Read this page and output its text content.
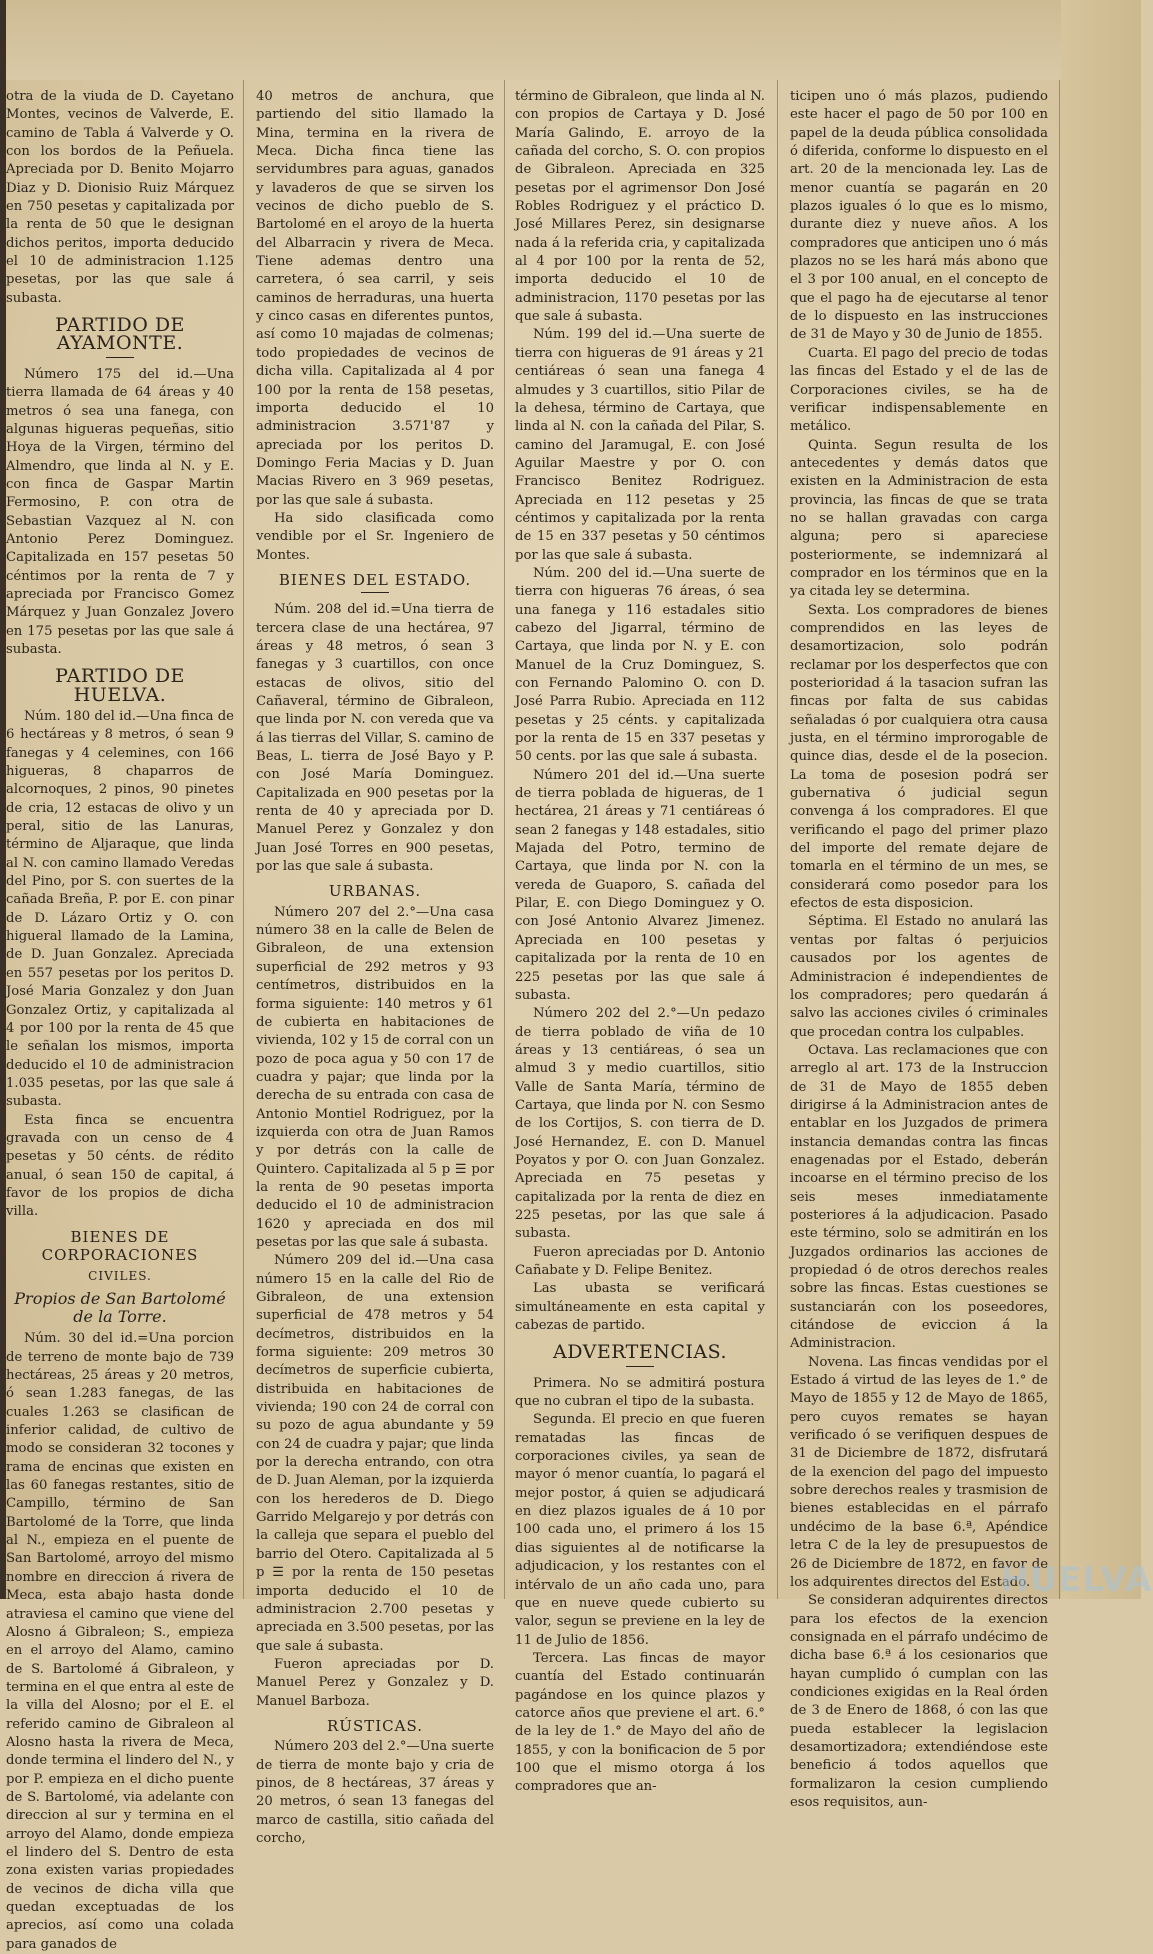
otra de la viuda de D. Cayetano Montes, vecinos de Valverde, E. camino de Tabla á Valverde y O. con los bordos de la Peñuela. Apreciada por D. Benito Mojarro Diaz y D. Dionisio Ruiz Márquez en 750 pesetas y capitalizada por la renta de 50 que le designan dichos peritos, importa deducido el 10 de administracion 1.125 pesetas, por las que sale á subasta.

PARTIDO DE AYAMONTE.

Número 175 del id.—Una tierra llamada de 64 áreas y 40 metros ó sea una fanega, con algunas higueras pequeñas, sitio Hoya de la Virgen, término del Almendro, que linda al N. y E. con finca de Gaspar Martin Fermosino, P. con otra de Sebastian Vazquez al N. con Antonio Perez Dominguez. Capitalizada en 157 pesetas 50 céntimos por la renta de 7 y apreciada por Francisco Gomez Márquez y Juan Gonzalez Jovero en 175 pesetas por las que sale á subasta.

PARTIDO DE HUELVA.

Núm. 180 del id.—Una finca de 6 hectáreas y 8 metros, ó sean 9 fanegas y 4 celemines, con 166 higueras, 8 chaparros de alcornoques, 2 pinos, 90 pinetes de cria, 12 estacas de olivo y un peral, sitio de las Lanuras, término de Aljaraque, que linda al N. con camino llamado Veredas del Pino, por S. con suertes de la cañada Breña, P. por E. con pinar de D. Lázaro Ortiz y O. con higueral llamado de la Lamina, de D. Juan Gonzalez. Apreciada en 557 pesetas por los peritos D. José Maria Gonzalez y don Juan Gonzalez Ortiz, y capitalizada al 4 por 100 por la renta de 45 que le señalan los mismos, importa deducido el 10 de administracion 1.035 pesetas, por las que sale á subasta.

Esta finca se encuentra gravada con un censo de 4 pesetas y 50 cénts. de rédito anual, ó sean 150 de capital, á favor de los propios de dicha villa.

BIENES DE CORPORACIONES
CIVILES.
Propios de San Bartolomé de la Torre.

Núm. 30 del id.=Una porcion de terreno de monte bajo de 739 hectáreas, 25 áreas y 20 metros, ó sean 1.283 fanegas, de las cuales 1.263 se clasifican de inferior calidad, de cultivo de modo se consideran 32 tocones y rama de encinas que existen en las 60 fanegas restantes, sitio de Campillo, término de San Bartolomé de la Torre, que linda al N., empieza en el puente de San Bartolomé, arroyo del mismo nombre en direccion á rivera de Meca, esta abajo hasta donde atraviesa el camino que viene del Alosno á Gibraleon; S., empieza en el arroyo del Alamo, camino de S. Bartolomé á Gibraleon, y termina en el que entra al este de la villa del Alosno; por el E. el referido camino de Gibraleon al Alosno hasta la rivera de Meca, donde termina el lindero del N., y por P. empieza en el dicho puente de S. Bartolomé, via adelante con direccion al sur y termina en el arroyo del Alamo, donde empieza el lindero del S. Dentro de esta zona existen varias propiedades de vecinos de dicha villa que quedan exceptuadas de los aprecios, así como una colada para ganados de

40 metros de anchura, que partiendo del sitio llamado la Mina, termina en la rivera de Meca. Dicha finca tiene las servidumbres para aguas, ganados y lavaderos de que se sirven los vecinos de dicho pueblo de S. Bartolomé en el aroyo de la huerta del Albarracin y rivera de Meca. Tiene ademas dentro una carretera, ó sea carril, y seis caminos de herraduras, una huerta y cinco casas en diferentes puntos, así como 10 majadas de colmenas; todo propiedades de vecinos de dicha villa. Capitalizada al 4 por 100 por la renta de 158 pesetas, importa deducido el 10 administracion 3.571'87 y apreciada por los peritos D. Domingo Feria Macias y D. Juan Macias Rivero en 3 969 pesetas, por las que sale á subasta.

Ha sido clasificada como vendible por el Sr. Ingeniero de Montes.

BIENES DEL ESTADO.

Núm. 208 del id.=Una tierra de tercera clase de una hectárea, 97 áreas y 48 metros, ó sean 3 fanegas y 3 cuartillos, con once estacas de olivos, sitio del Cañaveral, término de Gibraleon, que linda por N. con vereda que va á las tierras del Villar, S. camino de Beas, L. tierra de José Bayo y P. con José María Dominguez. Capitalizada en 900 pesetas por la renta de 40 y apreciada por D. Manuel Perez y Gonzalez y don Juan José Torres en 900 pesetas, por las que sale á subasta.

URBANAS.

Número 207 del 2.°—Una casa número 38 en la calle de Belen de Gibraleon, de una extension superficial de 292 metros y 93 centímetros, distribuidos en la forma siguiente: 140 metros y 61 de cubierta en habitaciones de vivienda, 102 y 15 de corral con un pozo de poca agua y 50 con 17 de cuadra y pajar; que linda por la derecha de su entrada con casa de Antonio Montiel Rodriguez, por la izquierda con otra de Juan Ramos y por detrás con la calle de Quintero. Capitalizada al 5 p ☰ por la renta de 90 pesetas importa deducido el 10 de administracion 1620 y apreciada en dos mil pesetas por las que sale á subasta.

Número 209 del id.—Una casa número 15 en la calle del Rio de Gibraleon, de una extension superficial de 478 metros y 54 decímetros, distribuidos en la forma siguiente: 209 metros 30 decímetros de superficie cubierta, distribuida en habitaciones de vivienda; 190 con 24 de corral con su pozo de agua abundante y 59 con 24 de cuadra y pajar; que linda por la derecha entrando, con otra de D. Juan Aleman, por la izquierda con los herederos de D. Diego Garrido Melgarejo y por detrás con la calleja que separa el pueblo del barrio del Otero. Capitalizada al 5 p ☰ por la renta de 150 pesetas importa deducido el 10 de administracion 2.700 pesetas y apreciada en 3.500 pesetas, por las que sale á subasta.

Fueron apreciadas por D. Manuel Perez y Gonzalez y D. Manuel Barboza.

RÚSTICAS.

Número 203 del 2.°—Una suerte de tierra de monte bajo y cria de pinos, de 8 hectáreas, 37 áreas y 20 metros, ó sean 13 fanegas del marco de castilla, sitio cañada del corcho,

término de Gibraleon, que linda al N. con propios de Cartaya y D. José María Galindo, E. arroyo de la cañada del corcho, S. O. con propios de Gibraleon. Apreciada en 325 pesetas por el agrimensor Don José Robles Rodriguez y el práctico D. José Millares Perez, sin designarse nada á la referida cria, y capitalizada al 4 por 100 por la renta de 52, importa deducido el 10 de administracion, 1170 pesetas por las que sale á subasta.

Núm. 199 del id.—Una suerte de tierra con higueras de 91 áreas y 21 centiáreas ó sean una fanega 4 almudes y 3 cuartillos, sitio Pilar de la dehesa, término de Cartaya, que linda al N. con la cañada del Pilar, S. camino del Jaramugal, E. con José Aguilar Maestre y por O. con Francisco Benitez Rodriguez. Apreciada en 112 pesetas y 25 céntimos y capitalizada por la renta de 15 en 337 pesetas y 50 céntimos por las que sale á subasta.

Núm. 200 del id.—Una suerte de tierra con higueras 76 áreas, ó sea una fanega y 116 estadales sitio cabezo del Jigarral, término de Cartaya, que linda por N. y E. con Manuel de la Cruz Dominguez, S. con Fernando Palomino O. con D. José Parra Rubio. Apreciada en 112 pesetas y 25 cénts. y capitalizada por la renta de 15 en 337 pesetas y 50 cents. por las que sale á subasta.

Número 201 del id.—Una suerte de tierra poblada de higueras, de 1 hectárea, 21 áreas y 71 centiáreas ó sean 2 fanegas y 148 estadales, sitio Majada del Potro, termino de Cartaya, que linda por N. con la vereda de Guaporo, S. cañada del Pilar, E. con Diego Dominguez y O. con José Antonio Alvarez Jimenez. Apreciada en 100 pesetas y capitalizada por la renta de 10 en 225 pesetas por las que sale á subasta.

Número 202 del 2.°—Un pedazo de tierra poblado de viña de 10 áreas y 13 centiáreas, ó sea un almud 3 y medio cuartillos, sitio Valle de Santa María, término de Cartaya, que linda por N. con Sesmo de los Cortijos, S. con tierra de D. José Hernandez, E. con D. Manuel Poyatos y por O. con Juan Gonzalez. Apreciada en 75 pesetas y capitalizada por la renta de diez en 225 pesetas, por las que sale á subasta.

Fueron apreciadas por D. Antonio Cañabate y D. Felipe Benitez.

Las ubasta se verificará simultáneamente en esta capital y cabezas de partido.

ADVERTENCIAS.

Primera. No se admitirá postura que no cubran el tipo de la subasta.

Segunda. El precio en que fueren rematadas las fincas de corporaciones civiles, ya sean de mayor ó menor cuantía, lo pagará el mejor postor, á quien se adjudicará en diez plazos iguales de á 10 por 100 cada uno, el primero á los 15 dias siguientes al de notificarse la adjudicacion, y los restantes con el intérvalo de un año cada uno, para que en nueve quede cubierto su valor, segun se previene en la ley de 11 de Julio de 1856.

Tercera. Las fincas de mayor cuantía del Estado continuarán pagándose en los quince plazos y catorce años que previene el art. 6.° de la ley de 1.° de Mayo del año de 1855, y con la bonificacion de 5 por 100 que el mismo otorga á los compradores que an-

ticipen uno ó más plazos, pudiendo este hacer el pago de 50 por 100 en papel de la deuda pública consolidada ó diferida, conforme lo dispuesto en el art. 20 de la mencionada ley. Las de menor cuantía se pagarán en 20 plazos iguales ó lo que es lo mismo, durante diez y nueve años. A los compradores que anticipen uno ó más plazos no se les hará más abono que el 3 por 100 anual, en el concepto de que el pago ha de ejecutarse al tenor de lo dispuesto en las instrucciones de 31 de Mayo y 30 de Junio de 1855.

Cuarta. El pago del precio de todas las fincas del Estado y el de las de Corporaciones civiles, se ha de verificar indispensablemente en metálico.

Quinta. Segun resulta de los antecedentes y demás datos que existen en la Administracion de esta provincia, las fincas de que se trata no se hallan gravadas con carga alguna; pero si apareciese posteriormente, se indemnizará al comprador en los términos que en la ya citada ley se determina.

Sexta. Los compradores de bienes comprendidos en las leyes de desamortizacion, solo podrán reclamar por los desperfectos que con posterioridad á la tasacion sufran las fincas por falta de sus cabidas señaladas ó por cualquiera otra causa justa, en el término improrogable de quince dias, desde el de la posecion. La toma de posesion podrá ser gubernativa ó judicial segun convenga á los compradores. El que verificando el pago del primer plazo del importe del remate dejare de tomarla en el término de un mes, se considerará como posedor para los efectos de esta disposicion.

Séptima. El Estado no anulará las ventas por faltas ó perjuicios causados por los agentes de Administracion é independientes de los compradores; pero quedarán á salvo las acciones civiles ó criminales que procedan contra los culpables.

Octava. Las reclamaciones que con arreglo al art. 173 de la Instruccion de 31 de Mayo de 1855 deben dirigirse á la Administracion antes de entablar en los Juzgados de primera instancia demandas contra las fincas enagenadas por el Estado, deberán incoarse en el término preciso de los seis meses inmediatamente posteriores á la adjudicacion. Pasado este término, solo se admitirán en los Juzgados ordinarios las acciones de propiedad ó de otros derechos reales sobre las fincas. Estas cuestiones se sustanciarán con los poseedores, citándose de eviccion á la Administracion.

Novena. Las fincas vendidas por el Estado á virtud de las leyes de 1.° de Mayo de 1855 y 12 de Mayo de 1865, pero cuyos remates se hayan verificado ó se verifiquen despues de 31 de Diciembre de 1872, disfrutará de la exencion del pago del impuesto sobre derechos reales y trasmision de bienes establecidas en el párrafo undécimo de la base 6.ª, Apéndice letra C de la ley de presupuestos de 26 de Diciembre de 1872, en favor de los adquirentes directos del Estado.

Se consideran adquirentes directos para los efectos de la exencion consignada en el párrafo undécimo de dicha base 6.ª á los cesionarios que hayan cumplido ó cumplan con las condiciones exigidas en la Real órden de 3 de Enero de 1868, ó con las que pueda establecer la legislacion desamortizadora; extendiéndose este beneficio á todos aquellos que formalizaron la cesion cumpliendo esos requisitos, aun-

HUELVA
